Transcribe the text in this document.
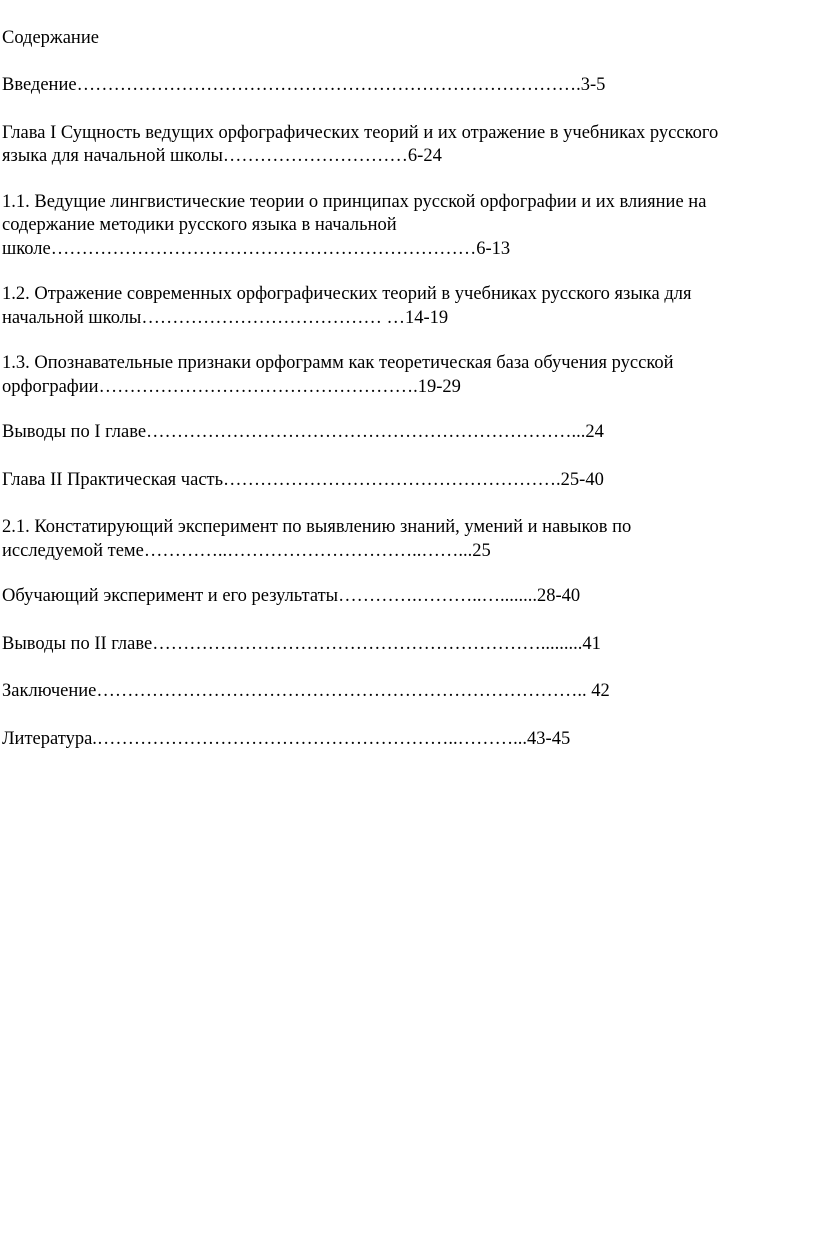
Содержание
Введение……………………………………………………………………….3-5
Глава I Сущность ведущих орфографических теорий и их отражение в учебниках русского
языка для начальной школы…………………………6-24
1.1. Ведущие лингвистические теории о принципах русской орфографии и их влияние на
содержание методики русского языка в начальной
школе……………………………………………………………6-13
1.2. Отражение современных орфографических теорий в учебниках русского языка для
начальной школы………………………………… …14-19
1.3. Опознавательные признаки орфограмм как теоретическая база обучения русской
орфографии…………………………………………….19-29
Выводы по I главе……………………………………………………………...24
Глава II Практическая часть……………………………………………….25-40
2.1. Констатирующий эксперимент по выявлению знаний, умений и навыков по
исследуемой теме…………..…………………………..……...25
Обучающий эксперимент и его результаты………….………..…........28-40
Выводы по II главе……………………………………………………….........41
Заключение…………………………………………………………………….. 42
Литература.…………………………………………………..………...43-45
